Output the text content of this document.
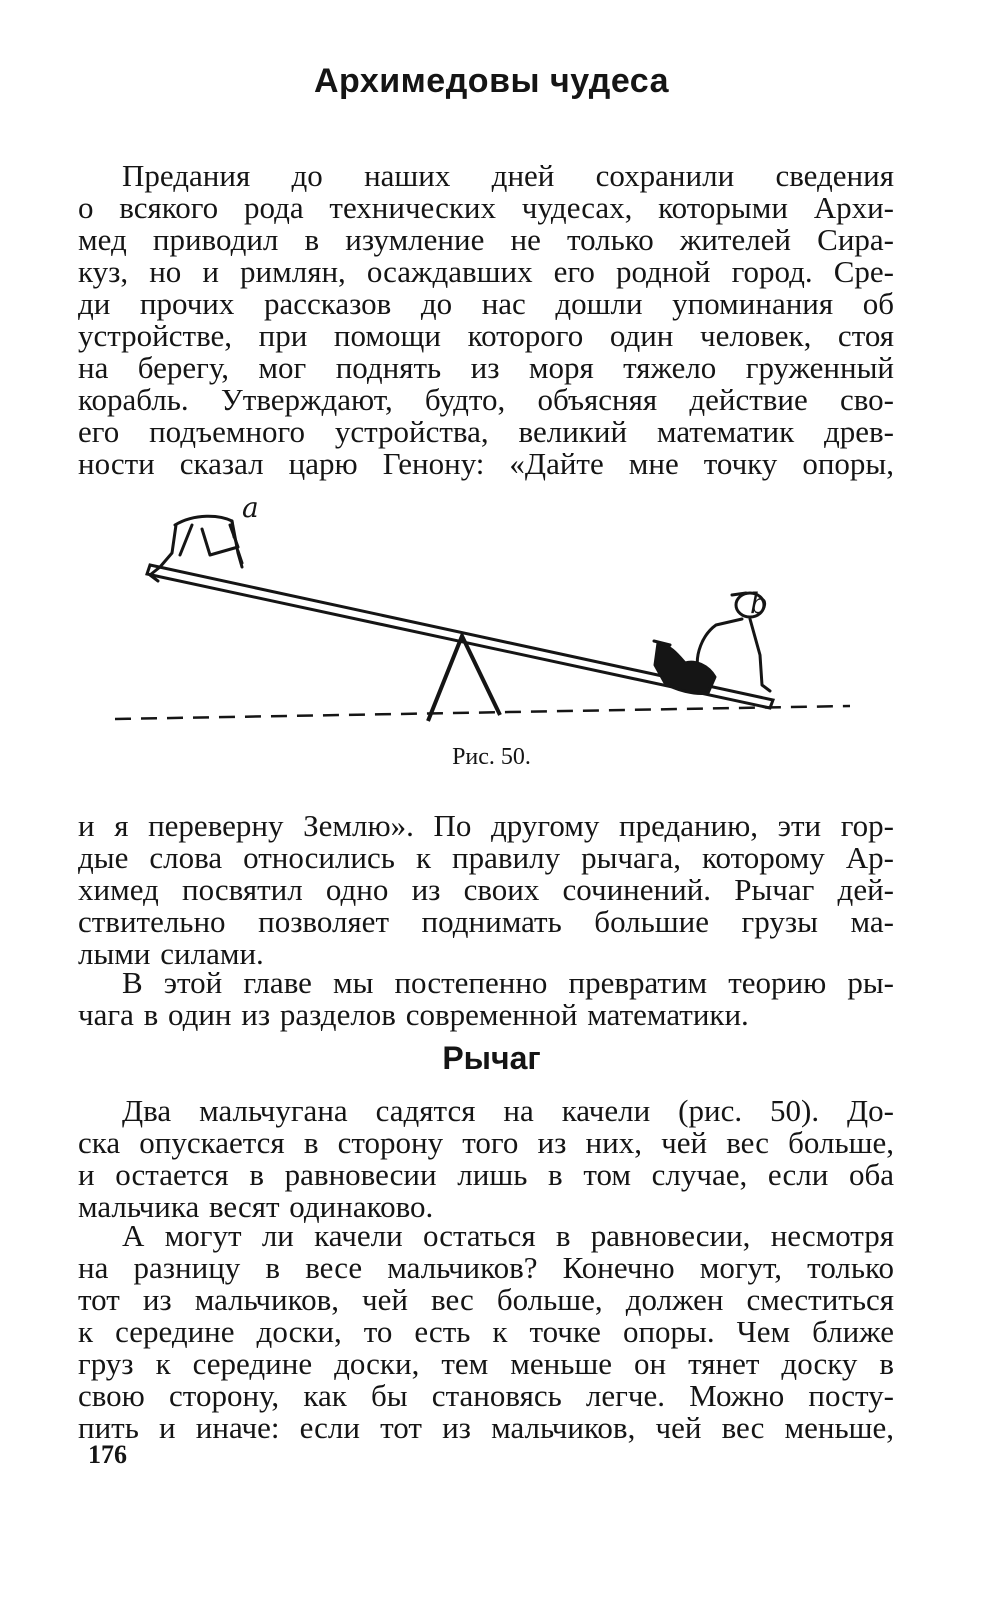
Архимедовы чудеса

Предания до наших дней сохранили сведения
о всякого рода технических чудесах, которыми Архи-
мед приводил в изумление не только жителей Сира-
куз, но и римлян, осаждавших его родной город. Сре-
ди прочих рассказов до нас дошли упоминания об
устройстве, при помощи которого один человек, стоя
на берегу, мог поднять из моря тяжело груженный
корабль. Утверждают, будто, объясняя действие сво-
его подъемного устройства, великий математик древ-
ности сказал царю Генону: «Дайте мне точку опоры,

a
b

Рис. 50.

и я переверну Землю». По другому преданию, эти гор-
дые слова относились к правилу рычага, которому Ар-
химед посвятил одно из своих сочинений. Рычаг дей-
ствительно позволяет поднимать большие грузы ма-
лыми силами.

В этой главе мы постепенно превратим теорию ры-
чага в один из разделов современной математики.

Рычаг

Два мальчугана садятся на качели (рис. 50). До-
ска опускается в сторону того из них, чей вес больше,
и остается в равновесии лишь в том случае, если оба
мальчика весят одинаково.

А могут ли качели остаться в равновесии, несмотря
на разницу в весе мальчиков? Конечно могут, только
тот из мальчиков, чей вес больше, должен сместиться
к середине доски, то есть к точке опоры. Чем ближе
груз к середине доски, тем меньше он тянет доску в
свою сторону, как бы становясь легче. Можно посту-
пить и иначе: если тот из мальчиков, чей вес меньше,

176
